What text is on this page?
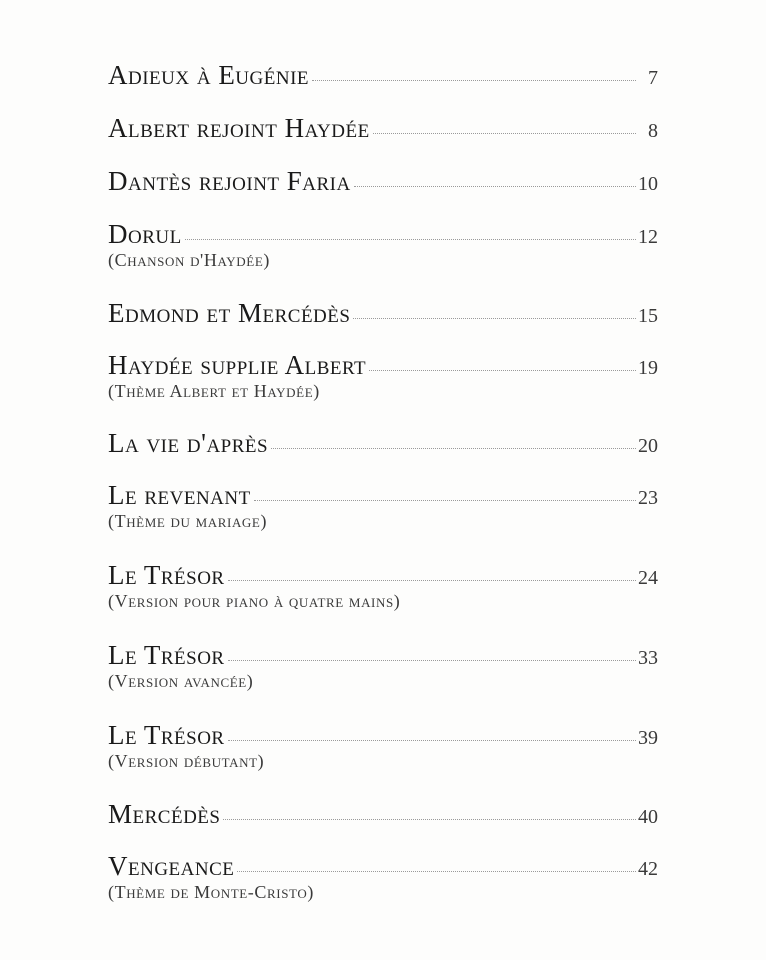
Adieux à Eugénie	7
Albert rejoint Haydée	8
Dantès rejoint Faria	10
Dorul	12
(Chanson d'Haydée)
Edmond et Mercédès	15
Haydée supplie Albert	19
(Thème Albert et Haydée)
La vie d'après	20
Le revenant	23
(Thème du mariage)
Le Trésor	24
(Version pour piano à quatre mains)
Le Trésor	33
(Version avancée)
Le Trésor	39
(Version débutant)
Mercédès	40
Vengeance	42
(Thème de Monte-Cristo)
